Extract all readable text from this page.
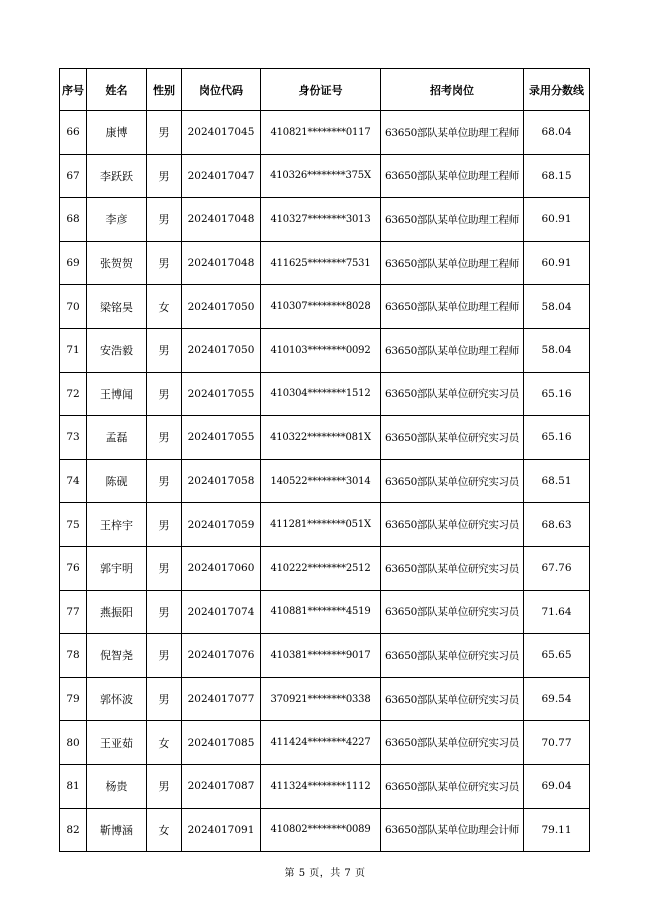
序号	姓名	性别	岗位代码	身份证号	招考岗位	录用分数线
66	康博	男	2024017045	410821********0117	63650部队某单位助理工程师	68.04
67	李跃跃	男	2024017047	410326********375X	63650部队某单位助理工程师	68.15
68	李彦	男	2024017048	410327********3013	63650部队某单位助理工程师	60.91
69	张贺贺	男	2024017048	411625********7531	63650部队某单位助理工程师	60.91
70	梁铭昊	女	2024017050	410307********8028	63650部队某单位助理工程师	58.04
71	安浩毅	男	2024017050	410103********0092	63650部队某单位助理工程师	58.04
72	王博闻	男	2024017055	410304********1512	63650部队某单位研究实习员	65.16
73	孟磊	男	2024017055	410322********081X	63650部队某单位研究实习员	65.16
74	陈砚	男	2024017058	140522********3014	63650部队某单位研究实习员	68.51
75	王梓宇	男	2024017059	411281********051X	63650部队某单位研究实习员	68.63
76	郭宇明	男	2024017060	410222********2512	63650部队某单位研究实习员	67.76
77	燕振阳	男	2024017074	410881********4519	63650部队某单位研究实习员	71.64
78	倪智尧	男	2024017076	410381********9017	63650部队某单位研究实习员	65.65
79	郭怀波	男	2024017077	370921********0338	63650部队某单位研究实习员	69.54
80	王亚茹	女	2024017085	411424********4227	63650部队某单位研究实习员	70.77
81	杨贵	男	2024017087	411324********1112	63650部队某单位研究实习员	69.04
82	靳博涵	女	2024017091	410802********0089	63650部队某单位助理会计师	79.11
第 5 页，共 7 页
